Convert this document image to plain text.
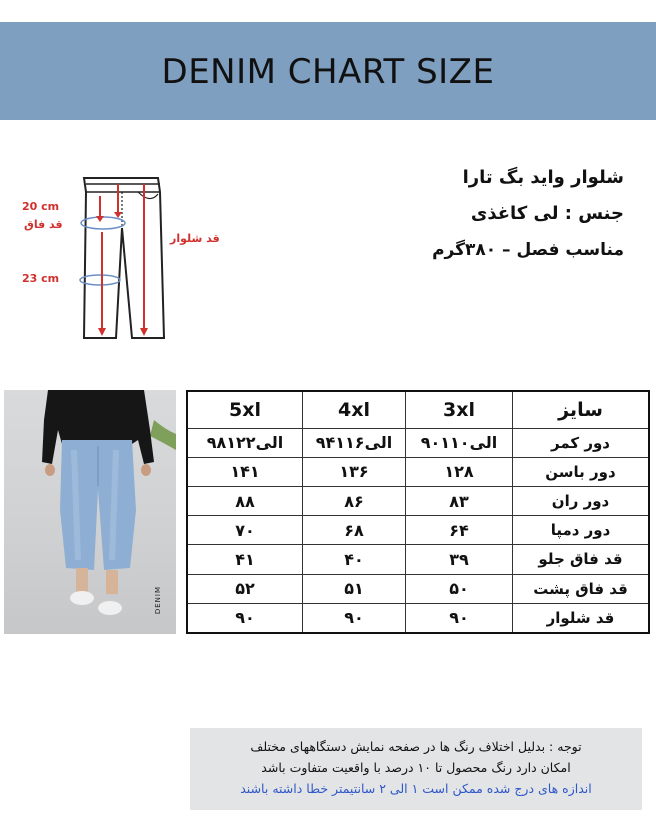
DENIM CHART SIZE
20 cm
قد فاق
قد شلوار
23 cm
شلوار واید بگ تارا
جنس : لی کاغذی
مناسب فصل – ۳۸۰گرم
DENIM
5xl	4xl	3xl	سایز
۹۸الی۱۲۲	۹۴الی۱۱۶	۹۰الی۱۱۰	دور کمر
۱۴۱	۱۳۶	۱۲۸	دور باسن
۸۸	۸۶	۸۳	دور ران
۷۰	۶۸	۶۴	دور دمپا
۴۱	۴۰	۳۹	قد فاق جلو
۵۲	۵۱	۵۰	قد فاق پشت
۹۰	۹۰	۹۰	قد شلوار
توجه : بدلیل اختلاف رنگ ها در صفحه نمایش دستگاههای مختلف
امکان دارد رنگ محصول تا ۱۰ درصد با واقعیت متفاوت باشد
اندازه های درج شده ممکن است ۱ الی ۲ سانتیمتر خطا داشته باشند
